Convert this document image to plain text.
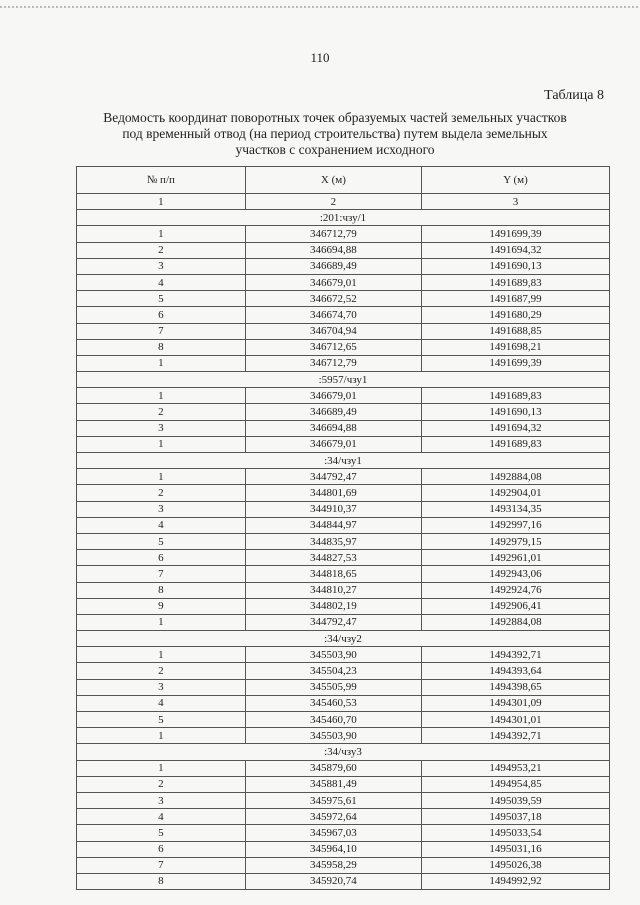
110
Таблица 8
Ведомость координат поворотных точек образуемых частей земельных участков
под временный отвод (на период строительства) путем выдела земельных
участков с сохранением исходного
№ п/п	X (м)	Y (м)
1	2	3
:201:чзу/1		
1	346712,79	1491699,39
2	346694,88	1491694,32
3	346689,49	1491690,13
4	346679,01	1491689,83
5	346672,52	1491687,99
6	346674,70	1491680,29
7	346704,94	1491688,85
8	346712,65	1491698,21
1	346712,79	1491699,39
:5957/чзу1		
1	346679,01	1491689,83
2	346689,49	1491690,13
3	346694,88	1491694,32
1	346679,01	1491689,83
:34/чзу1		
1	344792,47	1492884,08
2	344801,69	1492904,01
3	344910,37	1493134,35
4	344844,97	1492997,16
5	344835,97	1492979,15
6	344827,53	1492961,01
7	344818,65	1492943,06
8	344810,27	1492924,76
9	344802,19	1492906,41
1	344792,47	1492884,08
:34/чзу2		
1	345503,90	1494392,71
2	345504,23	1494393,64
3	345505,99	1494398,65
4	345460,53	1494301,09
5	345460,70	1494301,01
1	345503,90	1494392,71
:34/чзу3		
1	345879,60	1494953,21
2	345881,49	1494954,85
3	345975,61	1495039,59
4	345972,64	1495037,18
5	345967,03	1495033,54
6	345964,10	1495031,16
7	345958,29	1495026,38
8	345920,74	1494992,92
